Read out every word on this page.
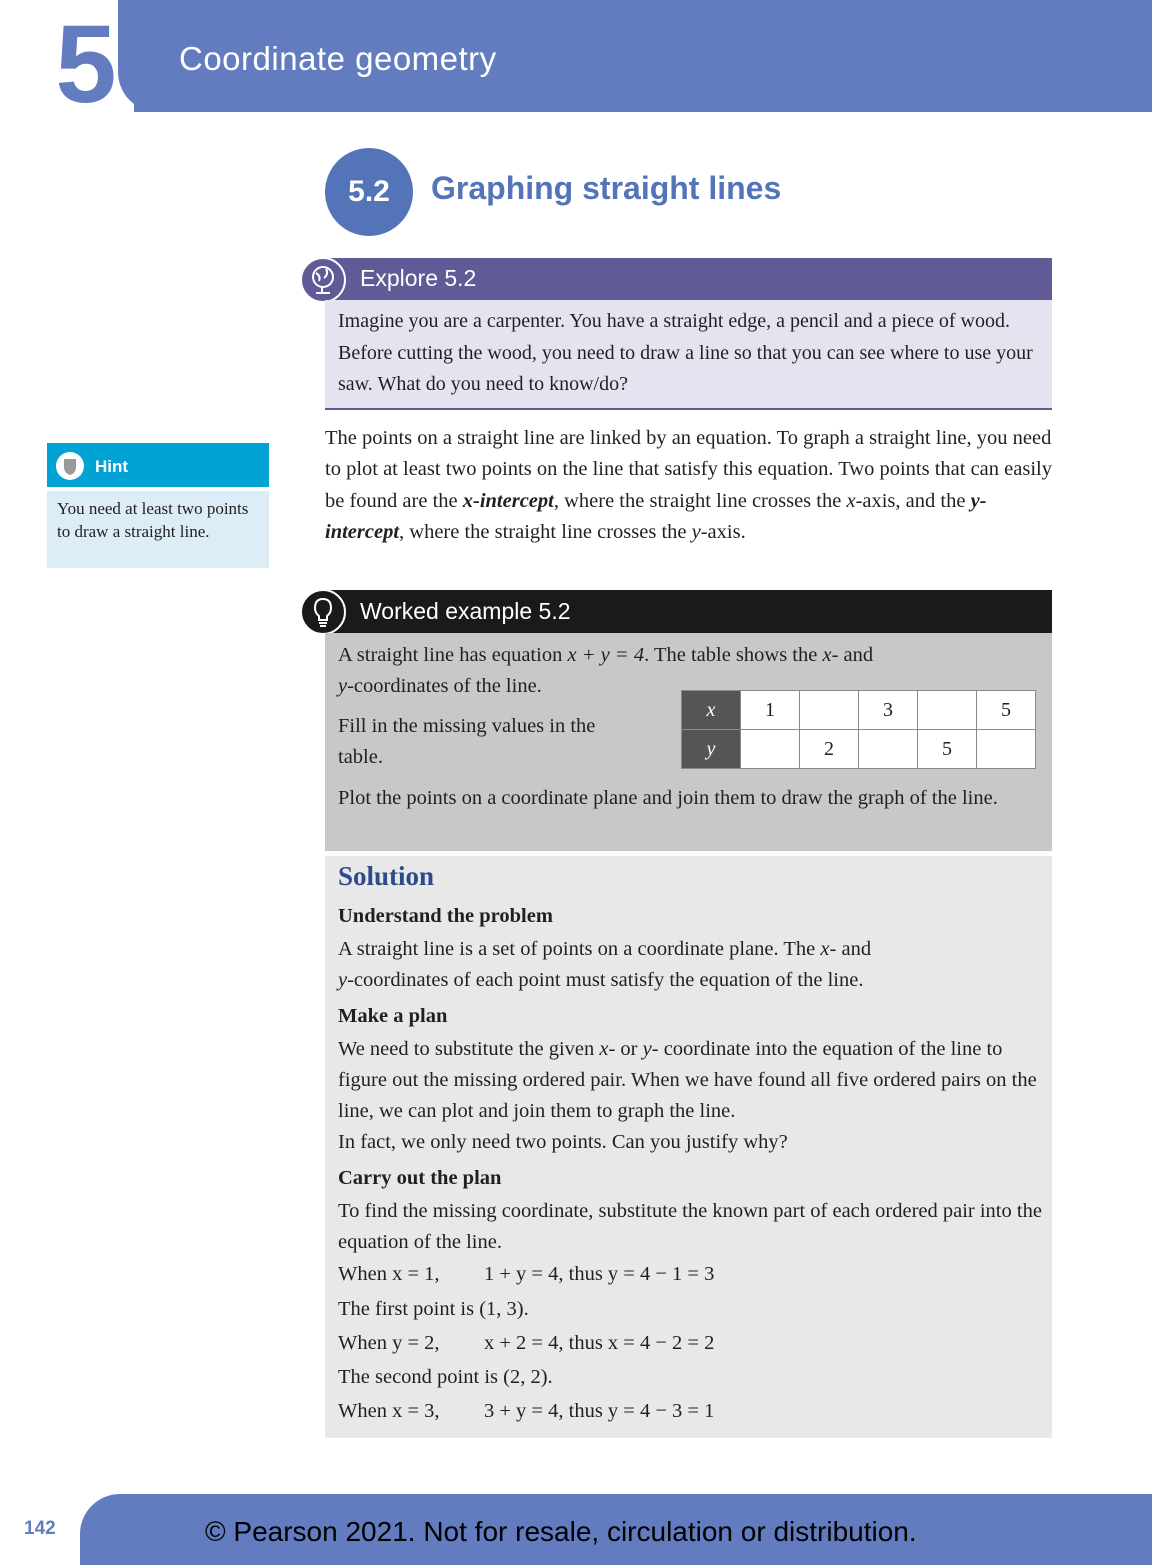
5 Coordinate geometry
5.2	Graphing straight lines
Explore 5.2
Imagine you are a carpenter. You have a straight edge, a pencil and a piece of wood. Before cutting the wood, you need to draw a line so that you can see where to use your saw. What do you need to know/do?
Hint
You need at least two points to draw a straight line.
The points on a straight line are linked by an equation. To graph a straight line, you need to plot at least two points on the line that satisfy this equation. Two points that can easily be found are the x-intercept, where the straight line crosses the x-axis, and the y-intercept, where the straight line crosses the y-axis.
Worked example 5.2
A straight line has equation x + y = 4. The table shows the x- and
y-coordinates of the line.
Fill in the missing values in the table.
x	1		3		5
y		2		5	
Plot the points on a coordinate plane and join them to draw the graph of the line.
Solution
Understand the problem
A straight line is a set of points on a coordinate plane. The x- and
y-coordinates of each point must satisfy the equation of the line.
Make a plan
We need to substitute the given x- or y- coordinate into the equation of the line to figure out the missing ordered pair. When we have found all five ordered pairs on the line, we can plot and join them to graph the line.
In fact, we only need two points. Can you justify why?
Carry out the plan
To find the missing coordinate, substitute the known part of each ordered pair into the equation of the line.
When x = 1, 1 + y = 4, thus y = 4 − 1 = 3
The first point is (1, 3).
When y = 2, x + 2 = 4, thus x = 4 − 2 = 2
The second point is (2, 2).
When x = 3, 3 + y = 4, thus y = 4 − 3 = 1
142	© Pearson 2021. Not for resale, circulation or distribution.
